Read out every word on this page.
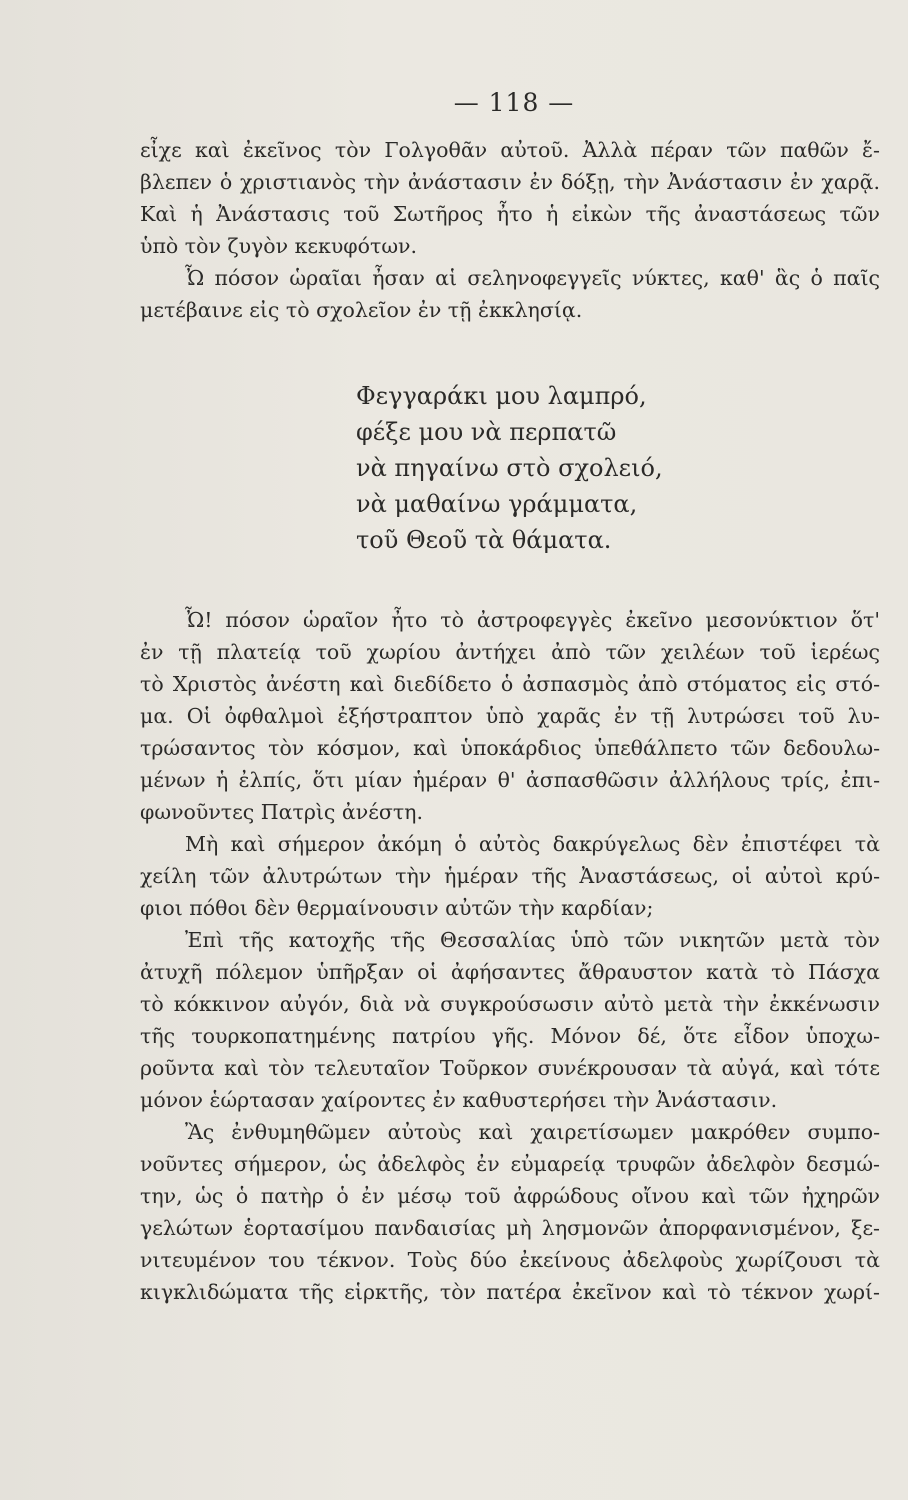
— 118 —
εἶχε καὶ ἐκεῖνος τὸν Γολγοθᾶν αὐτοῦ. Ἀλλὰ πέραν τῶν παθῶν ἔ-
βλεπεν ὁ χριστιανὸς τὴν ἀνάστασιν ἐν δόξῃ, τὴν Ἀνάστασιν ἐν χαρᾷ.
Καὶ ἡ Ἀνάστασις τοῦ Σωτῆρος ἦτο ἡ εἰκὼν τῆς ἀναστάσεως τῶν
ὑπὸ τὸν ζυγὸν κεκυφότων.
Ὦ πόσον ὡραῖαι ἦσαν αἱ σεληνοφεγγεῖς νύκτες, καθ' ἃς ὁ παῖς
μετέβαινε εἰς τὸ σχολεῖον ἐν τῇ ἐκκλησίᾳ.
Φεγγαράκι μου λαμπρό,
φέξε μου νὰ περπατῶ
νὰ πηγαίνω στὸ σχολειό,
νὰ μαθαίνω γράμματα,
τοῦ Θεοῦ τὰ θάματα.
Ὦ! πόσον ὡραῖον ἦτο τὸ ἀστροφεγγὲς ἐκεῖνο μεσονύκτιον ὅτ'
ἐν τῇ πλατείᾳ τοῦ χωρίου ἀντήχει ἀπὸ τῶν χειλέων τοῦ ἱερέως
τὸ Χριστὸς ἀνέστη καὶ διεδίδετο ὁ ἀσπασμὸς ἀπὸ στόματος εἰς στό-
μα. Οἱ ὀφθαλμοὶ ἐξήστραπτον ὑπὸ χαρᾶς ἐν τῇ λυτρώσει τοῦ λυ-
τρώσαντος τὸν κόσμον, καὶ ὑποκάρδιος ὑπεθάλπετο τῶν δεδουλω-
μένων ἡ ἐλπίς, ὅτι μίαν ἡμέραν θ' ἀσπασθῶσιν ἀλλήλους τρίς, ἐπι-
φωνοῦντες Πατρὶς ἀνέστη.
Μὴ καὶ σήμερον ἀκόμη ὁ αὐτὸς δακρύγελως δὲν ἐπιστέφει τὰ
χείλη τῶν ἀλυτρώτων τὴν ἡμέραν τῆς Ἀναστάσεως, οἱ αὐτοὶ κρύ-
φιοι πόθοι δὲν θερμαίνουσιν αὐτῶν τὴν καρδίαν;
Ἐπὶ τῆς κατοχῆς τῆς Θεσσαλίας ὑπὸ τῶν νικητῶν μετὰ τὸν
ἀτυχῆ πόλεμον ὑπῆρξαν οἱ ἀφήσαντες ἄθραυστον κατὰ τὸ Πάσχα
τὸ κόκκινον αὐγόν, διὰ νὰ συγκρούσωσιν αὐτὸ μετὰ τὴν ἐκκένωσιν
τῆς τουρκοπατημένης πατρίου γῆς. Μόνον δέ, ὅτε εἶδον ὑποχω-
ροῦντα καὶ τὸν τελευταῖον Τοῦρκον συνέκρουσαν τὰ αὐγά, καὶ τότε
μόνον ἑώρτασαν χαίροντες ἐν καθυστερήσει τὴν Ἀνάστασιν.
Ἂς ἐνθυμηθῶμεν αὐτοὺς καὶ χαιρετίσωμεν μακρόθεν συμπο-
νοῦντες σήμερον, ὡς ἀδελφὸς ἐν εὐμαρείᾳ τρυφῶν ἀδελφὸν δεσμώ-
την, ὡς ὁ πατὴρ ὁ ἐν μέσῳ τοῦ ἀφρώδους οἴνου καὶ τῶν ἠχηρῶν
γελώτων ἑορτασίμου πανδαισίας μὴ λησμονῶν ἀπορφανισμένον, ξε-
νιτευμένον του τέκνον. Τοὺς δύο ἐκείνους ἀδελφοὺς χωρίζουσι τὰ
κιγκλιδώματα τῆς εἱρκτῆς, τὸν πατέρα ἐκεῖνον καὶ τὸ τέκνον χωρί-
